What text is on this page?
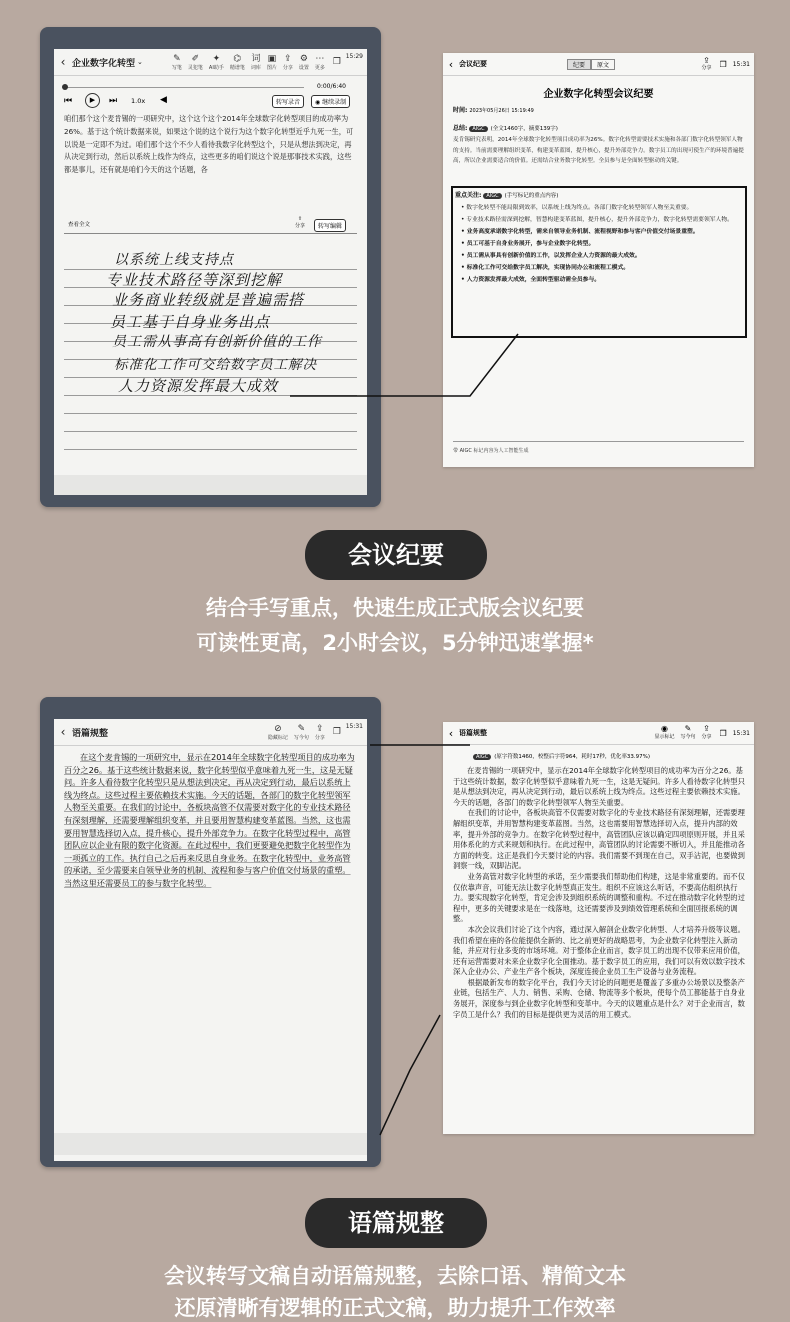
‹ 企业数字化转型 ⌄	✎
写笔
✐
灵犯笔
✦
AI助手
⌬
精谱笔
词
词库
▣
图片
⇪
分享
⚙
设置
⋯
更多
❐
15:29
0:00/6:40
⏮	▶	⏭ 1.0x ◀	转写录音	◉ 继续录制
咱们那个这个麦肯锡的一项研究中，这个这个这个2014年全球数字化转型项目的成功率为26%。基于这个统计数据来说，如果这个说的这个说行为这个数字化转型近乎九死一生，可以说是一定即不为过。咱们那个这个不少人看待我数字化转型这个，只是从想法到决定，再从决定到行动，然后以系统上线作为终点，这些更多的咱们说这个说是那事技术实践，这些都是事儿，还有就是咱们今天的这个话题，各
查看全文
⇪
分享	转写编辑
以系统上线支持点
专业技术路径等深到挖解
业务商业转级就是普遍需搭
员工基于自身业务出点
员工需从事高有创新价值的工作
标准化工作可交给数字员工解决
人力资源发挥最大成效
‹ 会议纪要	纪要	原文
⇪
分享 ❐ 15:31
企业数字化转型会议纪要
时间: 2023年05月26日 15:19:49
总结: AIGC (全文1460字，摘要139字)
麦肯锡研究表明，2014年全球数字化转型项目成功率为26%。数字化转型需要技术实施和各部门数字化转型领军人物的支持。当前需要理解组织变革，构建变革蓝图，提升核心，提升外部竞争力。数字员工的出现可使生产的环境普遍提高，所以企业需要适合的价值。还需结合业务数字化转型。全员参与是全面转型驱动的关键。
重点关注: AIGC (手写标记的重点内容)
• 数字化转型不能局限到效率，以系统上线为终点。各部门数字化转型领军人物至关重要。
• 专业技术路径需深到挖解，智慧构建变革蓝图，提升核心，提升外部竞争力，数字化转型需要领军人物。
• 业务高度承诺数字化转型，需来自领导业务机制、流程视野和参与客户价值交付场景重塑。
• 员工可基于自身业务展开，参与企业数字化转型。
• 员工需从事具有创新价值的工作，以发挥企业人力资源的最大成效。
• 标准化工作可交给数字员工解决，实现协同办公和流程工模式。
• 人力资源发挥最大成效，全面转型驱动需全员参与。
带 AIGC 标记内容为人工智能生成
会议纪要
结合手写重点，快速生成正式版会议纪要
可读性更高，2小时会议，5分钟迅速掌握*
‹ 语篇规整	⊘
隐藏标记
✎
写今句
⇪
分享
❐
15:31
在这个麦肯锡的一项研究中，显示在2014年全球数字化转型项目的成功率为百分之26。基于这些统计数据来说，数字化转型似乎意味着九死一生，这是无疑问。许多人看待数字化转型只是从想法到决定，再从决定到行动，最后以系统上线为终点。这些过程主要依赖技术实施。今天的话题，各部门的数字化转型领军人物至关重要。在我们的讨论中，各板块高管不仅需要对数字化的专业技术路径有深刻理解，还需要理解组织变革，并且要用智慧构建变革蓝图。当然，这也需要用智慧选择切入点，提升核心，提升外部竞争力。在数字化转型过程中，高管团队应以企业有限的数字化资源。在此过程中，我们更要避免把数字化转型作为一项孤立的工作。执行自己之后再来反思自身业务。在数字化转型中，业务高管的承诺，至少需要来自领导业务的机制、流程和参与客户价值交付场景的重塑。当然这里还需要员工的参与数字化转型。
‹ 语篇规整	◉
显示标记
✎
写今句
⇪
分享 ❐ 15:31
AIGC (原字符数1460，校整后字符964，耗时17秒，优化率33.97%)
在麦肯锡的一项研究中，显示在2014年全球数字化转型项目的成功率为百分之26。基于这些统计数据，数字化转型似乎意味着九死一生，这是无疑问。许多人看待数字化转型只是从想法到决定，再从决定到行动，最后以系统上线为终点。这些过程主要依赖技术实施。今天的话题，各部门的数字化转型领军人物至关重要。
　　在我们的讨论中，各板块高管不仅需要对数字化的专业技术路径有深刻理解，还需要理解组织变革，并用智慧构建变革蓝图。当然，这也需要用智慧选择切入点，提升内部的效率，提升外部的竞争力。在数字化转型过程中，高管团队应该以确定四项原则开展，并且采用体系化的方式来规划和执行。在此过程中，高管团队的讨论需要不断切入，并且能推动各方面的转变。这正是我们今天要讨论的内容。我们需要不到现在自己，双手沾泥，也要做到洞察一线，双脚沾泥。
　　业务高管对数字化转型的承诺，至少需要我们帮助他们构建，这是非常重要的。而不仅仅依靠声音，可能无法让数字化转型真正发生。组织不应该这么听话，不要高估组织执行力。要实现数字化转型，肯定会涉及到组织系统的调整和重构。不过在推动数字化转型的过程中，更多的关键要求是在一线落地，这还需要涉及到绩效管理系统和全面回报系统的调整。
　　本次会议我们讨论了这个内容，通过深入解剖企业数字化转型、人才培养升级等议题。我们希望在座的各位能提供全新的、比之前更好的战略思考，为企业数字化转型注入新动能，并应对行业多变的市场环境。对于整体企业而言，数字员工的出现不仅带来应用价值，还有运营需要对未来企业数字化全面推动。基于数字员工的应用，我们可以有效以数字技术深入企业办公、产业生产各个板块，深度连接企业员工生产设备与业务流程。
　　根据最新发布的数字化平台，我们今天讨论的问题更是覆盖了多重办公场景以及整条产业链，包括生产、人力、销售、采购、仓储、物流等多个板块，使每个员工都能基于自身业务展开，深度参与到企业数字化转型和变革中。今天的议题重点是什么？对于企业而言，数字员工是什么？我们的目标是提供更为灵活的用工模式。
语篇规整
会议转写文稿自动语篇规整，去除口语、精简文本
还原清晰有逻辑的正式文稿，助力提升工作效率
